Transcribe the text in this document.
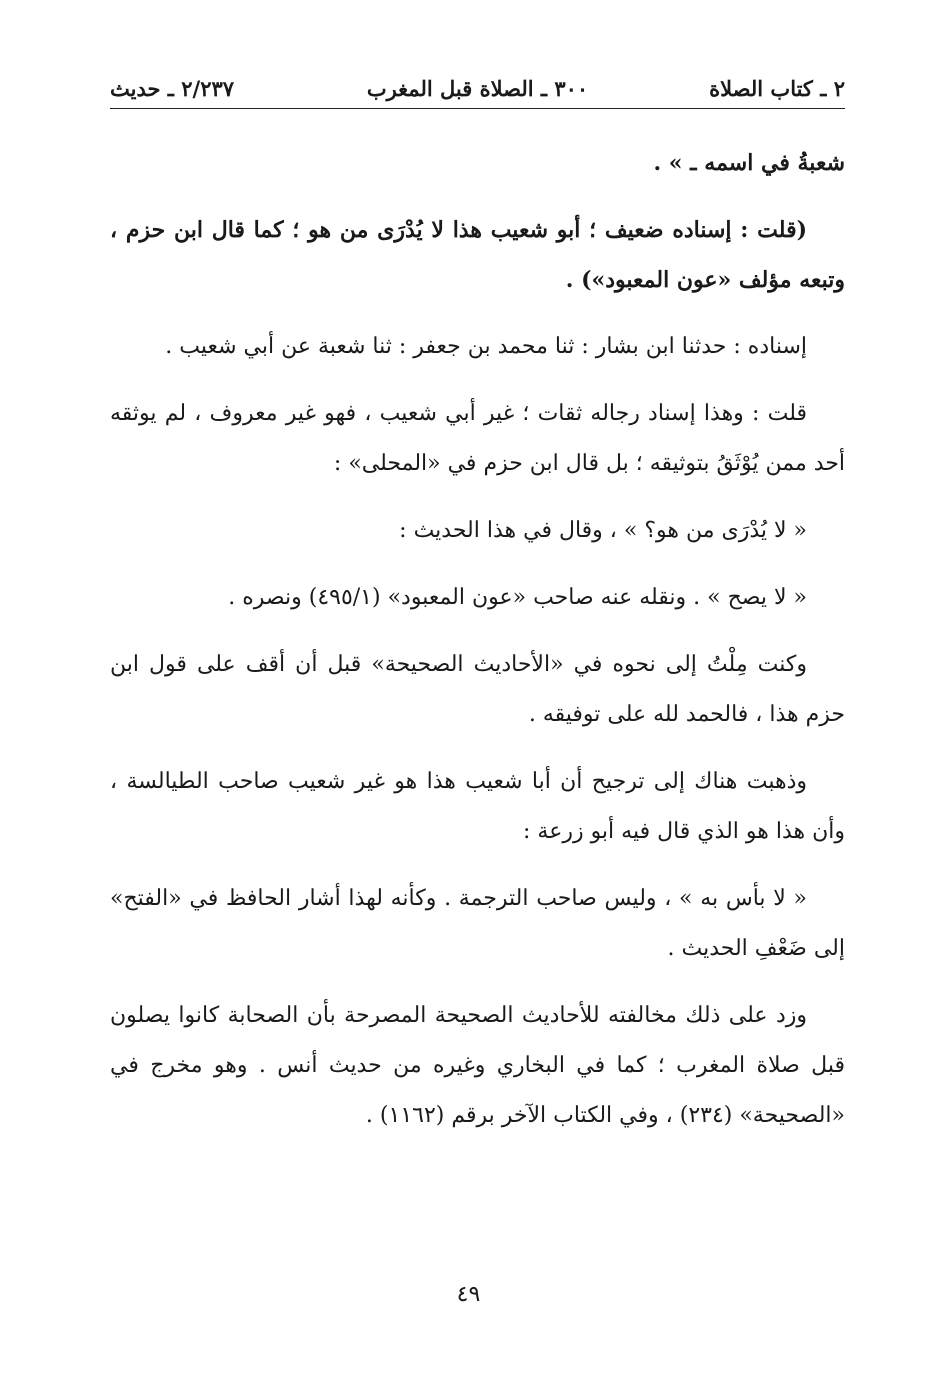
٢ ـ كتاب الصلاة
٣٠٠ ـ الصلاة قبل المغرب
٢/٢٣٧ ـ حديث

شعبةُ في اسمه ـ » .

(قلت : إسناده ضعيف ؛ أبو شعيب هذا لا يُدْرَى من هو ؛ كما قال ابن حزم ، وتبعه مؤلف «عون المعبود») .

إسناده : حدثنا ابن بشار : ثنا محمد بن جعفر : ثنا شعبة عن أبي شعيب .

قلت : وهذا إسناد رجاله ثقات ؛ غير أبي شعيب ، فهو غير معروف ، لم يوثقه أحد ممن يُوْثَقُ بتوثيقه ؛ بل قال ابن حزم في «المحلى» :

« لا يُدْرَى من هو؟ » ، وقال في هذا الحديث :

« لا يصح » . ونقله عنه صاحب «عون المعبود» (٤٩٥/١) ونصره .

وكنت مِلْتُ إلى نحوه في «الأحاديث الصحيحة» قبل أن أقف على قول ابن حزم هذا ، فالحمد لله على توفيقه .

وذهبت هناك إلى ترجيح أن أبا شعيب هذا هو غير شعيب صاحب الطيالسة ، وأن هذا هو الذي قال فيه أبو زرعة :

« لا بأس به » ، وليس صاحب الترجمة . وكأنه لهذا أشار الحافظ في «الفتح» إلى ضَعْفِ الحديث .

وزد على ذلك مخالفته للأحاديث الصحيحة المصرحة بأن الصحابة كانوا يصلون قبل صلاة المغرب ؛ كما في البخاري وغيره من حديث أنس . وهو مخرج في «الصحيحة» (٢٣٤) ، وفي الكتاب الآخر برقم (١١٦٢) .

٤٩
